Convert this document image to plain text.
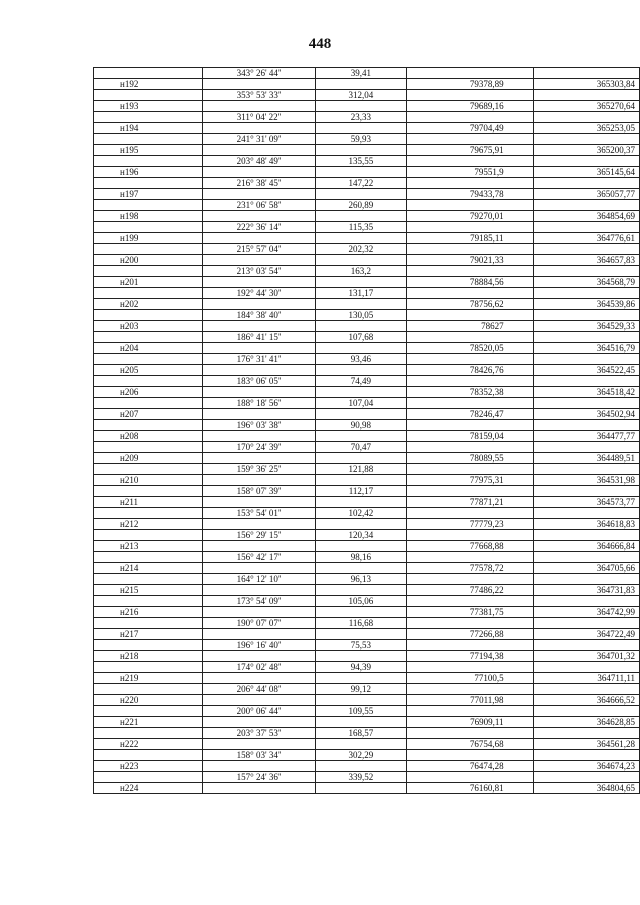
448
	343° 26' 44"	39,41		
н192			79378,89	365303,84
	353° 53' 33"	312,04		
н193			79689,16	365270,64
	311° 04' 22"	23,33		
н194			79704,49	365253,05
	241° 31' 09"	59,93		
н195			79675,91	365200,37
	203° 48' 49"	135,55		
н196			79551,9	365145,64
	216° 38' 45"	147,22		
н197			79433,78	365057,77
	231° 06' 58"	260,89		
н198			79270,01	364854,69
	222° 36' 14"	115,35		
н199			79185,11	364776,61
	215° 57' 04"	202,32		
н200			79021,33	364657,83
	213° 03' 54"	163,2		
н201			78884,56	364568,79
	192° 44' 30"	131,17		
н202			78756,62	364539,86
	184° 38' 40"	130,05		
н203			78627	364529,33
	186° 41' 15"	107,68		
н204			78520,05	364516,79
	176° 31' 41"	93,46		
н205			78426,76	364522,45
	183° 06' 05"	74,49		
н206			78352,38	364518,42
	188° 18' 56"	107,04		
н207			78246,47	364502,94
	196° 03' 38"	90,98		
н208			78159,04	364477,77
	170° 24' 39"	70,47		
н209			78089,55	364489,51
	159° 36' 25"	121,88		
н210			77975,31	364531,98
	158° 07' 39"	112,17		
н211			77871,21	364573,77
	153° 54' 01"	102,42		
н212			77779,23	364618,83
	156° 29' 15"	120,34		
н213			77668,88	364666,84
	156° 42' 17"	98,16		
н214			77578,72	364705,66
	164° 12' 10"	96,13		
н215			77486,22	364731,83
	173° 54' 09"	105,06		
н216			77381,75	364742,99
	190° 07' 07"	116,68		
н217			77266,88	364722,49
	196° 16' 40"	75,53		
н218			77194,38	364701,32
	174° 02' 48"	94,39		
н219			77100,5	364711,11
	206° 44' 08"	99,12		
н220			77011,98	364666,52
	200° 06' 44"	109,55		
н221			76909,11	364628,85
	203° 37' 53"	168,57		
н222			76754,68	364561,28
	158° 03' 34"	302,29		
н223			76474,28	364674,23
	157° 24' 36"	339,52		
н224			76160,81	364804,65
